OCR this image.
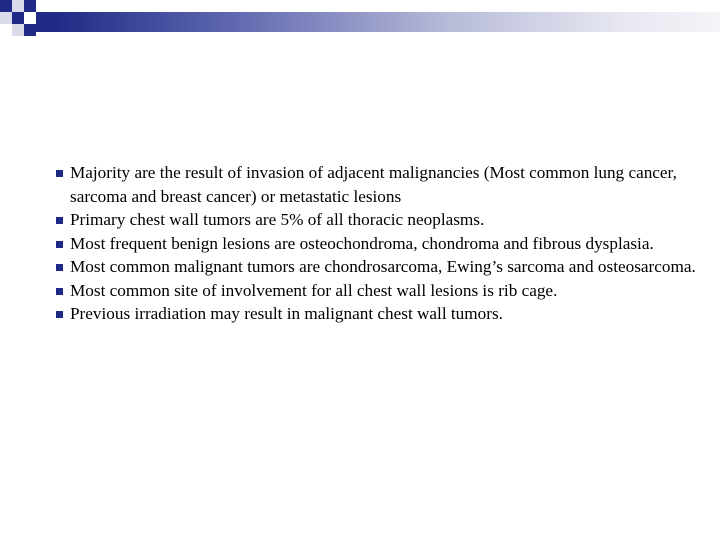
Majority are the result of invasion of adjacent malignancies (Most common lung cancer, sarcoma and breast cancer) or metastatic lesions
Primary chest wall tumors are 5% of all thoracic neoplasms.
Most frequent benign lesions are osteochondroma, chondroma and fibrous dysplasia.
Most common malignant tumors are chondrosarcoma, Ewing’s sarcoma and osteosarcoma.
Most common site of involvement for all chest wall lesions is rib cage.
Previous irradiation may result in malignant chest wall tumors.
